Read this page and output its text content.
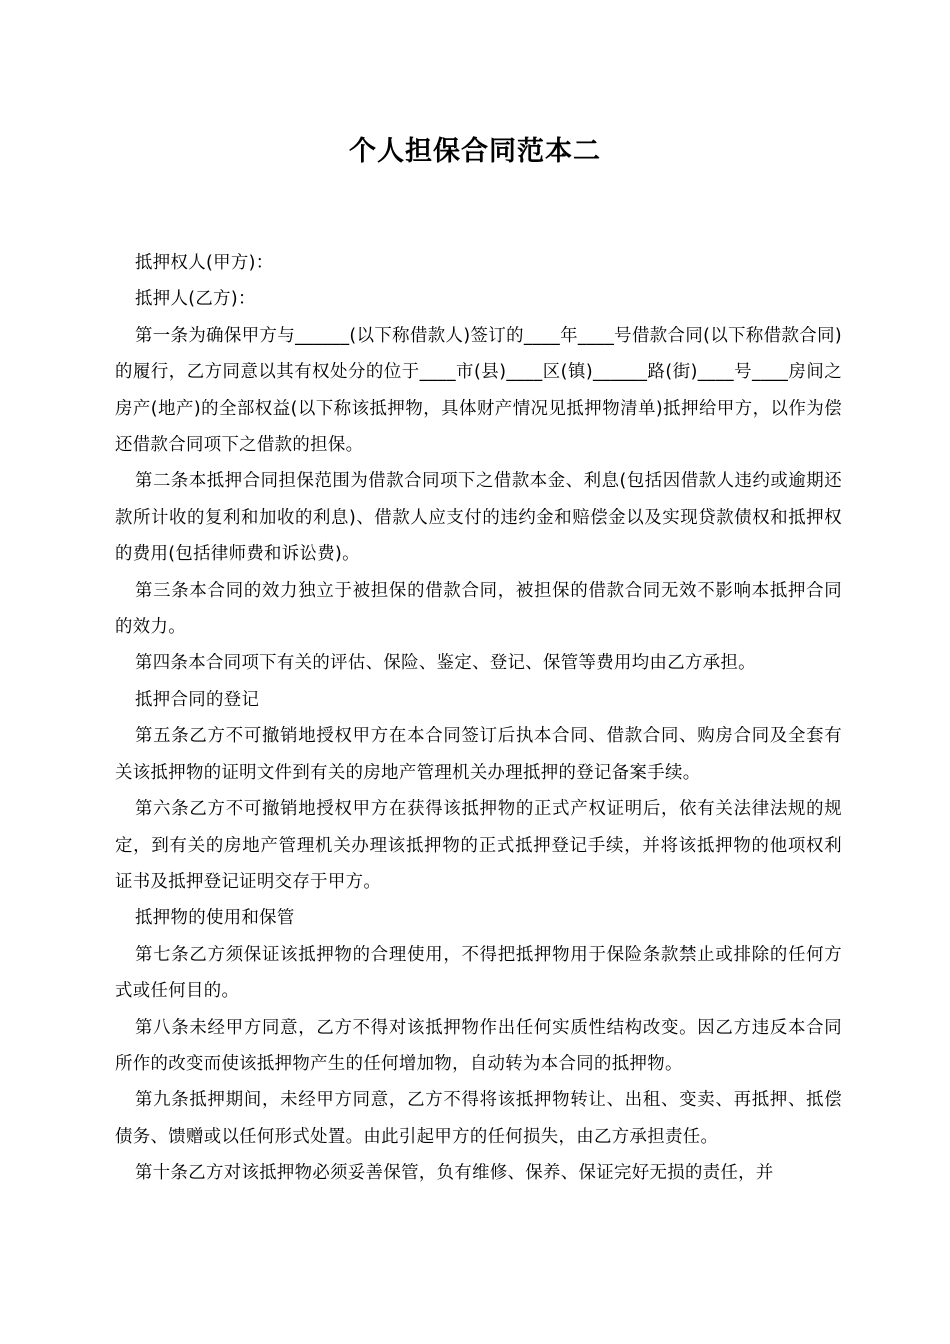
个人担保合同范本二

抵押权人(甲方)：

抵押人(乙方)：

第一条为确保甲方与______(以下称借款人)签订的____年____号借款合同(以下称借款合同)的履行，乙方同意以其有权处分的位于____市(县)____区(镇)______路(街)____号____房间之房产(地产)的全部权益(以下称该抵押物，具体财产情况见抵押物清单)抵押给甲方，以作为偿还借款合同项下之借款的担保。

第二条本抵押合同担保范围为借款合同项下之借款本金、利息(包括因借款人违约或逾期还款所计收的复利和加收的利息)、借款人应支付的违约金和赔偿金以及实现贷款债权和抵押权的费用(包括律师费和诉讼费)。

第三条本合同的效力独立于被担保的借款合同，被担保的借款合同无效不影响本抵押合同的效力。

第四条本合同项下有关的评估、保险、鉴定、登记、保管等费用均由乙方承担。

抵押合同的登记

第五条乙方不可撤销地授权甲方在本合同签订后执本合同、借款合同、购房合同及全套有关该抵押物的证明文件到有关的房地产管理机关办理抵押的登记备案手续。

第六条乙方不可撤销地授权甲方在获得该抵押物的正式产权证明后，依有关法律法规的规定，到有关的房地产管理机关办理该抵押物的正式抵押登记手续，并将该抵押物的他项权利证书及抵押登记证明交存于甲方。

抵押物的使用和保管

第七条乙方须保证该抵押物的合理使用，不得把抵押物用于保险条款禁止或排除的任何方式或任何目的。

第八条未经甲方同意，乙方不得对该抵押物作出任何实质性结构改变。因乙方违反本合同所作的改变而使该抵押物产生的任何增加物，自动转为本合同的抵押物。

第九条抵押期间，未经甲方同意，乙方不得将该抵押物转让、出租、变卖、再抵押、抵偿债务、馈赠或以任何形式处置。由此引起甲方的任何损失，由乙方承担责任。

第十条乙方对该抵押物必须妥善保管，负有维修、保养、保证完好无损的责任，并
